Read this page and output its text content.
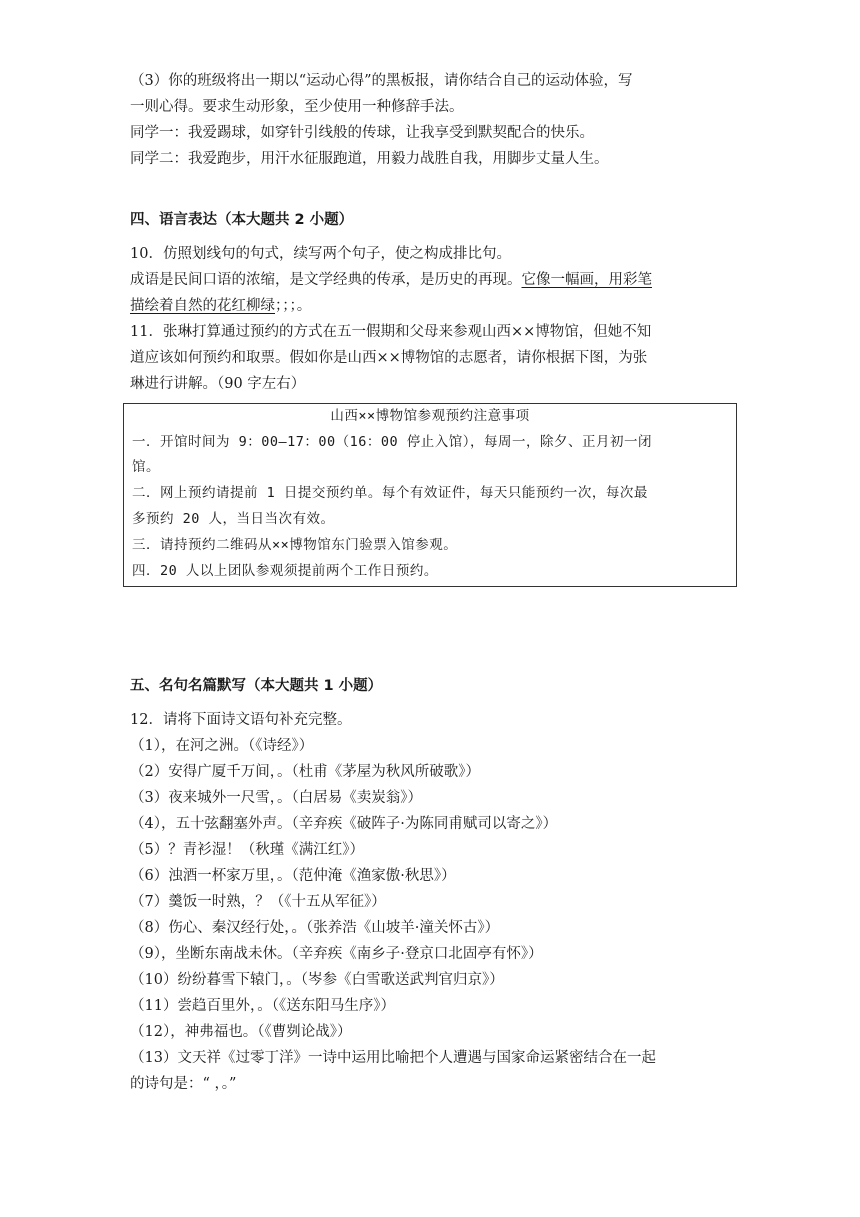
（3）你的班级将出一期以“运动心得”的黑板报，请你结合自己的运动体验，写
一则心得。要求生动形象，至少使用一种修辞手法。
同学一：我爱踢球，如穿针引线般的传球，让我享受到默契配合的快乐。
同学二：我爱跑步，用汗水征服跑道，用毅力战胜自我，用脚步丈量人生。
四、语言表达（本大题共 2 小题）
10．仿照划线句的句式，续写两个句子，使之构成排比句。
成语是民间口语的浓缩，是文学经典的传承，是历史的再现。它像一幅画，用彩笔
描绘着自然的花红柳绿；；；。
11．张琳打算通过预约的方式在五一假期和父母来参观山西××博物馆，但她不知
道应该如何预约和取票。假如你是山西××博物馆的志愿者，请你根据下图，为张
琳进行讲解。（90 字左右）
山西××博物馆参观预约注意事项
一．开馆时间为 9：00—17：00（16：00 停止入馆），每周一，除夕、正月初一闭
馆。
二．网上预约请提前 1 日提交预约单。每个有效证件，每天只能预约一次，每次最
多预约 20 人，当日当次有效。
三．请持预约二维码从××博物馆东门验票入馆参观。
四．20 人以上团队参观须提前两个工作日预约。
五、名句名篇默写（本大题共 1 小题）
12．请将下面诗文语句补充完整。
（1），在河之洲。（《诗经》）
（2）安得广厦千万间，。（杜甫《茅屋为秋风所破歌》）
（3）夜来城外一尺雪，。（白居易《卖炭翁》）
（4），五十弦翻塞外声。（辛弃疾《破阵子·为陈同甫赋司以寄之》）
（5）？青衫湿！（秋瑾《满江红》）
（6）浊酒一杯家万里，。（范仲淹《渔家傲·秋思》）
（7）羹饭一时熟，？（《十五从军征》）
（8）伤心、秦汉经行处，。（张养浩《山坡羊·潼关怀古》）
（9），坐断东南战未休。（辛弃疾《南乡子·登京口北固亭有怀》）
（10）纷纷暮雪下辕门，。（岑参《白雪歌送武判官归京》）
（11）尝趋百里外，。（《送东阳马生序》）
（12），神弗福也。（《曹刿论战》）
（13）文天祥《过零丁洋》一诗中运用比喻把个人遭遇与国家命运紧密结合在一起
的诗句是：“ ，。”
